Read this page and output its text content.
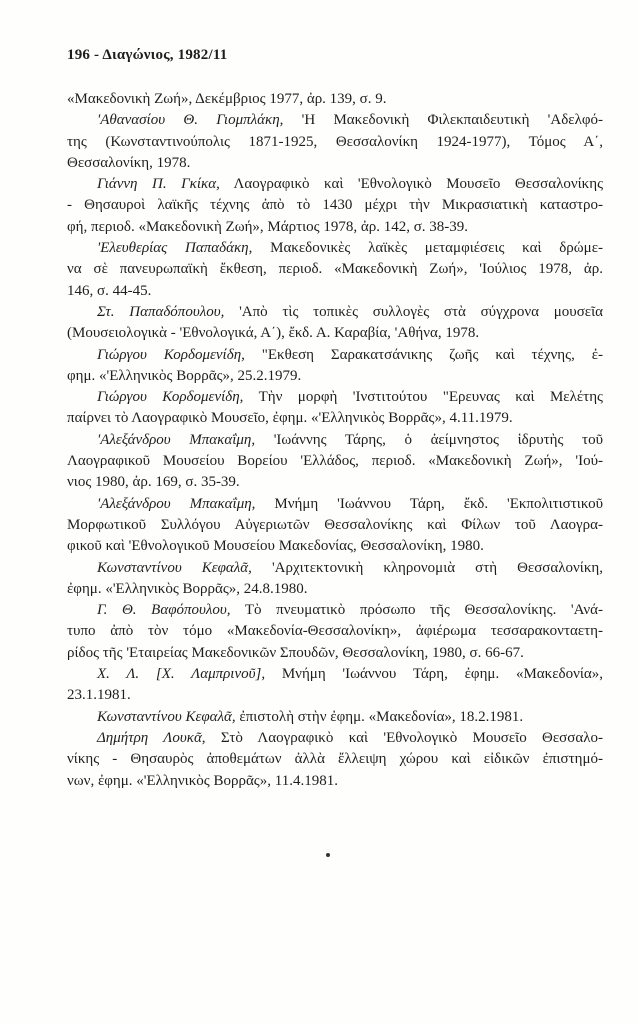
196 - Διαγώνιος, 1982/11
«Μακεδονικὴ Ζωή», Δεκέμβριος 1977, ἀρ. 139, σ. 9.
'Αθανασίου Θ. Γιομπλάκη, 'Η Μακεδονικὴ Φιλεκπαιδευτικὴ 'Αδελφό-
της (Κωνσταντινούπολις 1871-1925, Θεσσαλονίκη 1924-1977), Τόμος Α΄,
Θεσσαλονίκη, 1978.
Γιάννη Π. Γκίκα, Λαογραφικὸ καὶ 'Εθνολογικὸ Μουσεῖο Θεσσαλονίκης
- Θησαυροὶ λαϊκῆς τέχνης ἀπὸ τὸ 1430 μέχρι τὴν Μικρασιατικὴ καταστρο-
φή, περιοδ. «Μακεδονικὴ Ζωή», Μάρτιος 1978, ἀρ. 142, σ. 38-39.
'Ελευθερίας Παπαδάκη, Μακεδονικὲς λαϊκὲς μεταμφιέσεις καὶ δρώμε-
να σὲ πανευρωπαϊκὴ ἔκθεση, περιοδ. «Μακεδονικὴ Ζωή», 'Ιούλιος 1978, ἀρ.
146, σ. 44-45.
Στ. Παπαδόπουλου, 'Απὸ τὶς τοπικὲς συλλογὲς στὰ σύγχρονα μουσεῖα
(Μουσειολογικὰ - 'Εθνολογικά, Α΄), ἔκδ. Α. Καραβία, 'Αθήνα, 1978.
Γιώργου Κορδομενίδη, "Εκθεση Σαρακατσάνικης ζωῆς καὶ τέχνης, ἐ-
φημ. «'Ελληνικὸς Βορρᾶς», 25.2.1979.
Γιώργου Κορδομενίδη, Τὴν μορφὴ 'Ινστιτούτου "Ερευνας καὶ Μελέτης
παίρνει τὸ Λαογραφικὸ Μουσεῖο, ἐφημ. «'Ελληνικὸς Βορρᾶς», 4.11.1979.
'Αλεξάνδρου Μπακαΐμη, 'Ιωάννης Τάρης, ὁ ἀείμνηστος ἱδρυτὴς τοῦ
Λαογραφικοῦ Μουσείου Βορείου 'Ελλάδος, περιοδ. «Μακεδονικὴ Ζωή», 'Ιού-
νιος 1980, ἀρ. 169, σ. 35-39.
'Αλεξάνδρου Μπακαΐμη, Μνήμη 'Ιωάννου Τάρη, ἔκδ. 'Εκπολιτιστικοῦ
Μορφωτικοῦ Συλλόγου Αὐγεριωτῶν Θεσσαλονίκης καὶ Φίλων τοῦ Λαογρα-
φικοῦ καὶ 'Εθνολογικοῦ Μουσείου Μακεδονίας, Θεσσαλονίκη, 1980.
Κωνσταντίνου Κεφαλᾶ, 'Αρχιτεκτονικὴ κληρονομιὰ στὴ Θεσσαλονίκη,
ἐφημ. «'Ελληνικὸς Βορρᾶς», 24.8.1980.
Γ. Θ. Βαφόπουλου, Τὸ πνευματικὸ πρόσωπο τῆς Θεσσαλονίκης. 'Ανά-
τυπο ἀπὸ τὸν τόμο «Μακεδονία-Θεσσαλονίκη», ἀφιέρωμα τεσσαρακονταετη-
ρίδος τῆς 'Εταιρείας Μακεδονικῶν Σπουδῶν, Θεσσαλονίκη, 1980, σ. 66-67.
Χ. Λ. [Χ. Λαμπρινοῦ], Μνήμη 'Ιωάννου Τάρη, ἐφημ. «Μακεδονία»,
23.1.1981.
Κωνσταντίνου Κεφαλᾶ, ἐπιστολὴ στὴν ἐφημ. «Μακεδονία», 18.2.1981.
Δημήτρη Λουκᾶ, Στὸ Λαογραφικὸ καὶ 'Εθνολογικὸ Μουσεῖο Θεσσαλο-
νίκης - Θησαυρὸς ἀποθεμάτων ἀλλὰ ἔλλειψη χώρου καὶ εἰδικῶν ἐπιστημό-
νων, ἐφημ. «'Ελληνικὸς Βορρᾶς», 11.4.1981.
